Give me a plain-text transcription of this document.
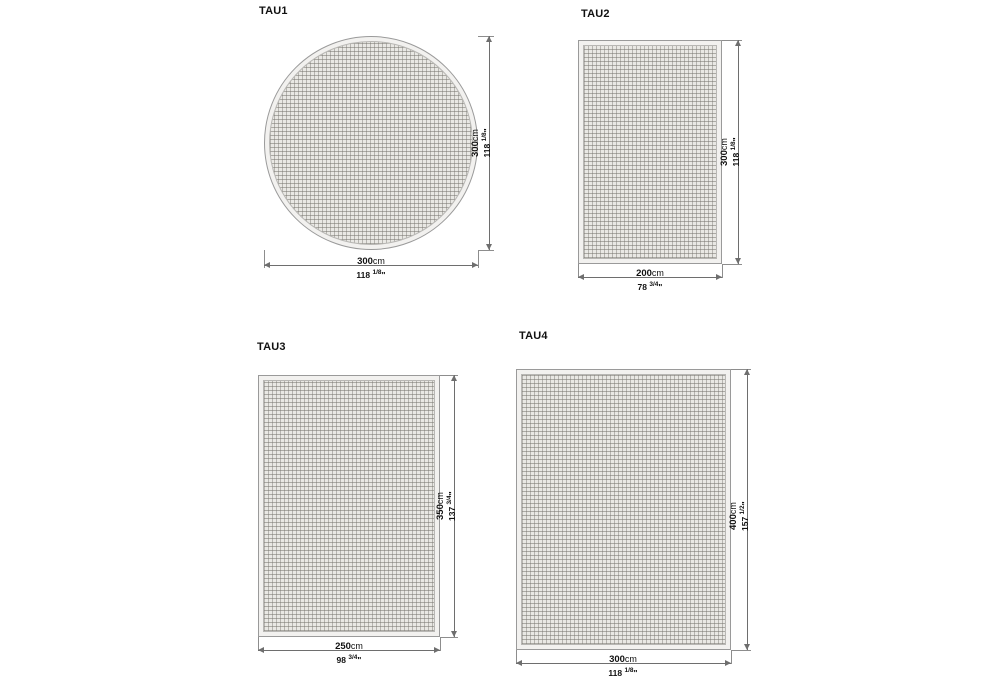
TAU1
300cm
118 $^{1/8}$"
300cm
118 $^{1/8}$"
TAU2
300cm
118 $^{1/8}$"
200cm
78 $^{3/4}$"
TAU3
350cm
137 $^{3/4}$"
250cm
98 $^{3/4}$"
TAU4
400cm
157 $^{1/2}$"
300cm
118 $^{1/8}$"
